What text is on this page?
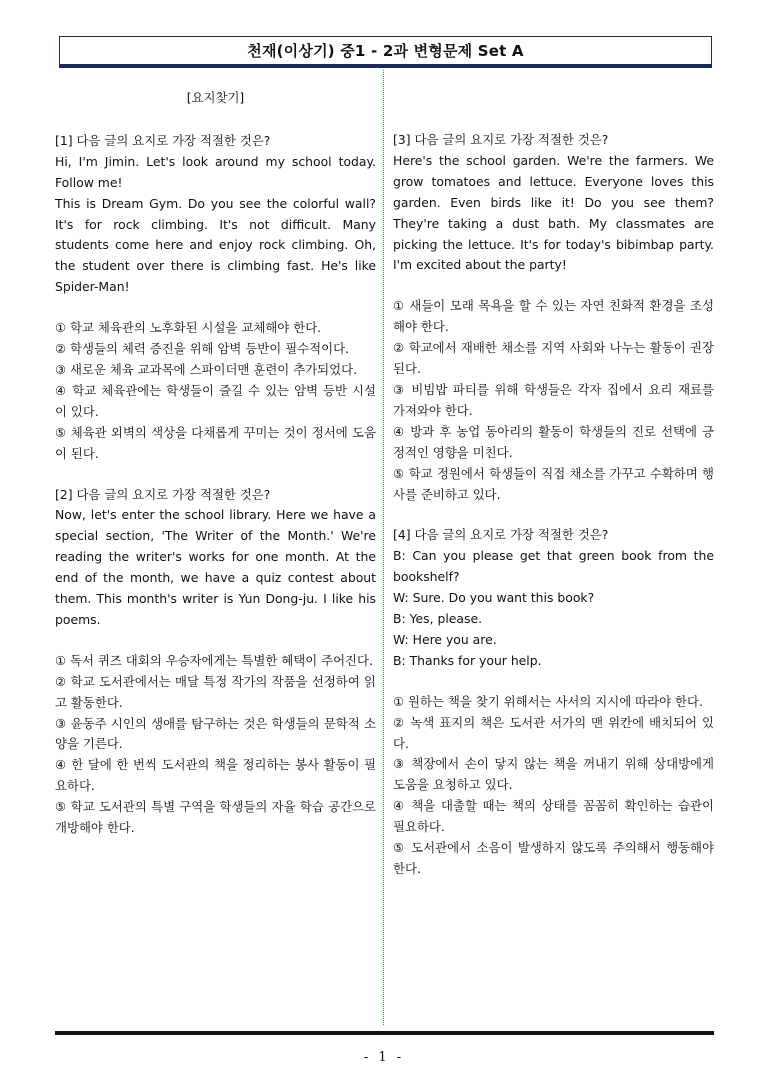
천재(이상기) 중1 - 2과 변형문제 Set A
[요지찾기]
[1] 다음 글의 요지로 가장 적절한 것은?
Hi, I'm Jimin. Let's look around my school today. Follow me!
This is Dream Gym. Do you see the colorful wall? It's for rock climbing. It's not difficult. Many students come here and enjoy rock climbing. Oh, the student over there is climbing fast. He's like Spider-Man!
① 학교 체육관의 노후화된 시설을 교체해야 한다.
② 학생들의 체력 증진을 위해 암벽 등반이 필수적이다.
③ 새로운 체육 교과목에 스파이더맨 훈련이 추가되었다.
④ 학교 체육관에는 학생들이 즐길 수 있는 암벽 등반 시설이 있다.
⑤ 체육관 외벽의 색상을 다채롭게 꾸미는 것이 정서에 도움이 된다.
[2] 다음 글의 요지로 가장 적절한 것은?
Now, let's enter the school library. Here we have a special section, 'The Writer of the Month.' We're reading the writer's works for one month. At the end of the month, we have a quiz contest about them. This month's writer is Yun Dong-ju. I like his poems.
① 독서 퀴즈 대회의 우승자에게는 특별한 혜택이 주어진다.
② 학교 도서관에서는 매달 특정 작가의 작품을 선정하여 읽고 활동한다.
③ 윤동주 시인의 생애를 탐구하는 것은 학생들의 문학적 소양을 기른다.
④ 한 달에 한 번씩 도서관의 책을 정리하는 봉사 활동이 필요하다.
⑤ 학교 도서관의 특별 구역을 학생들의 자율 학습 공간으로 개방해야 한다.
[3] 다음 글의 요지로 가장 적절한 것은?
Here's the school garden. We're the farmers. We grow tomatoes and lettuce. Everyone loves this garden. Even birds like it! Do you see them? They're taking a dust bath. My classmates are picking the lettuce. It's for today's bibimbap party. I'm excited about the party!
① 새들이 모래 목욕을 할 수 있는 자연 친화적 환경을 조성해야 한다.
② 학교에서 재배한 채소를 지역 사회와 나누는 활동이 권장된다.
③ 비빔밥 파티를 위해 학생들은 각자 집에서 요리 재료를 가져와야 한다.
④ 방과 후 농업 동아리의 활동이 학생들의 진로 선택에 긍정적인 영향을 미친다.
⑤ 학교 정원에서 학생들이 직접 채소를 가꾸고 수확하며 행사를 준비하고 있다.
[4] 다음 글의 요지로 가장 적절한 것은?
B: Can you please get that green book from the bookshelf?
W: Sure. Do you want this book?
B: Yes, please.
W: Here you are.
B: Thanks for your help.
① 원하는 책을 찾기 위해서는 사서의 지시에 따라야 한다.
② 녹색 표지의 책은 도서관 서가의 맨 위칸에 배치되어 있다.
③ 책장에서 손이 닿지 않는 책을 꺼내기 위해 상대방에게 도움을 요청하고 있다.
④ 책을 대출할 때는 책의 상태를 꼼꼼히 확인하는 습관이 필요하다.
⑤ 도서관에서 소음이 발생하지 않도록 주의해서 행동해야 한다.
- 1 -
